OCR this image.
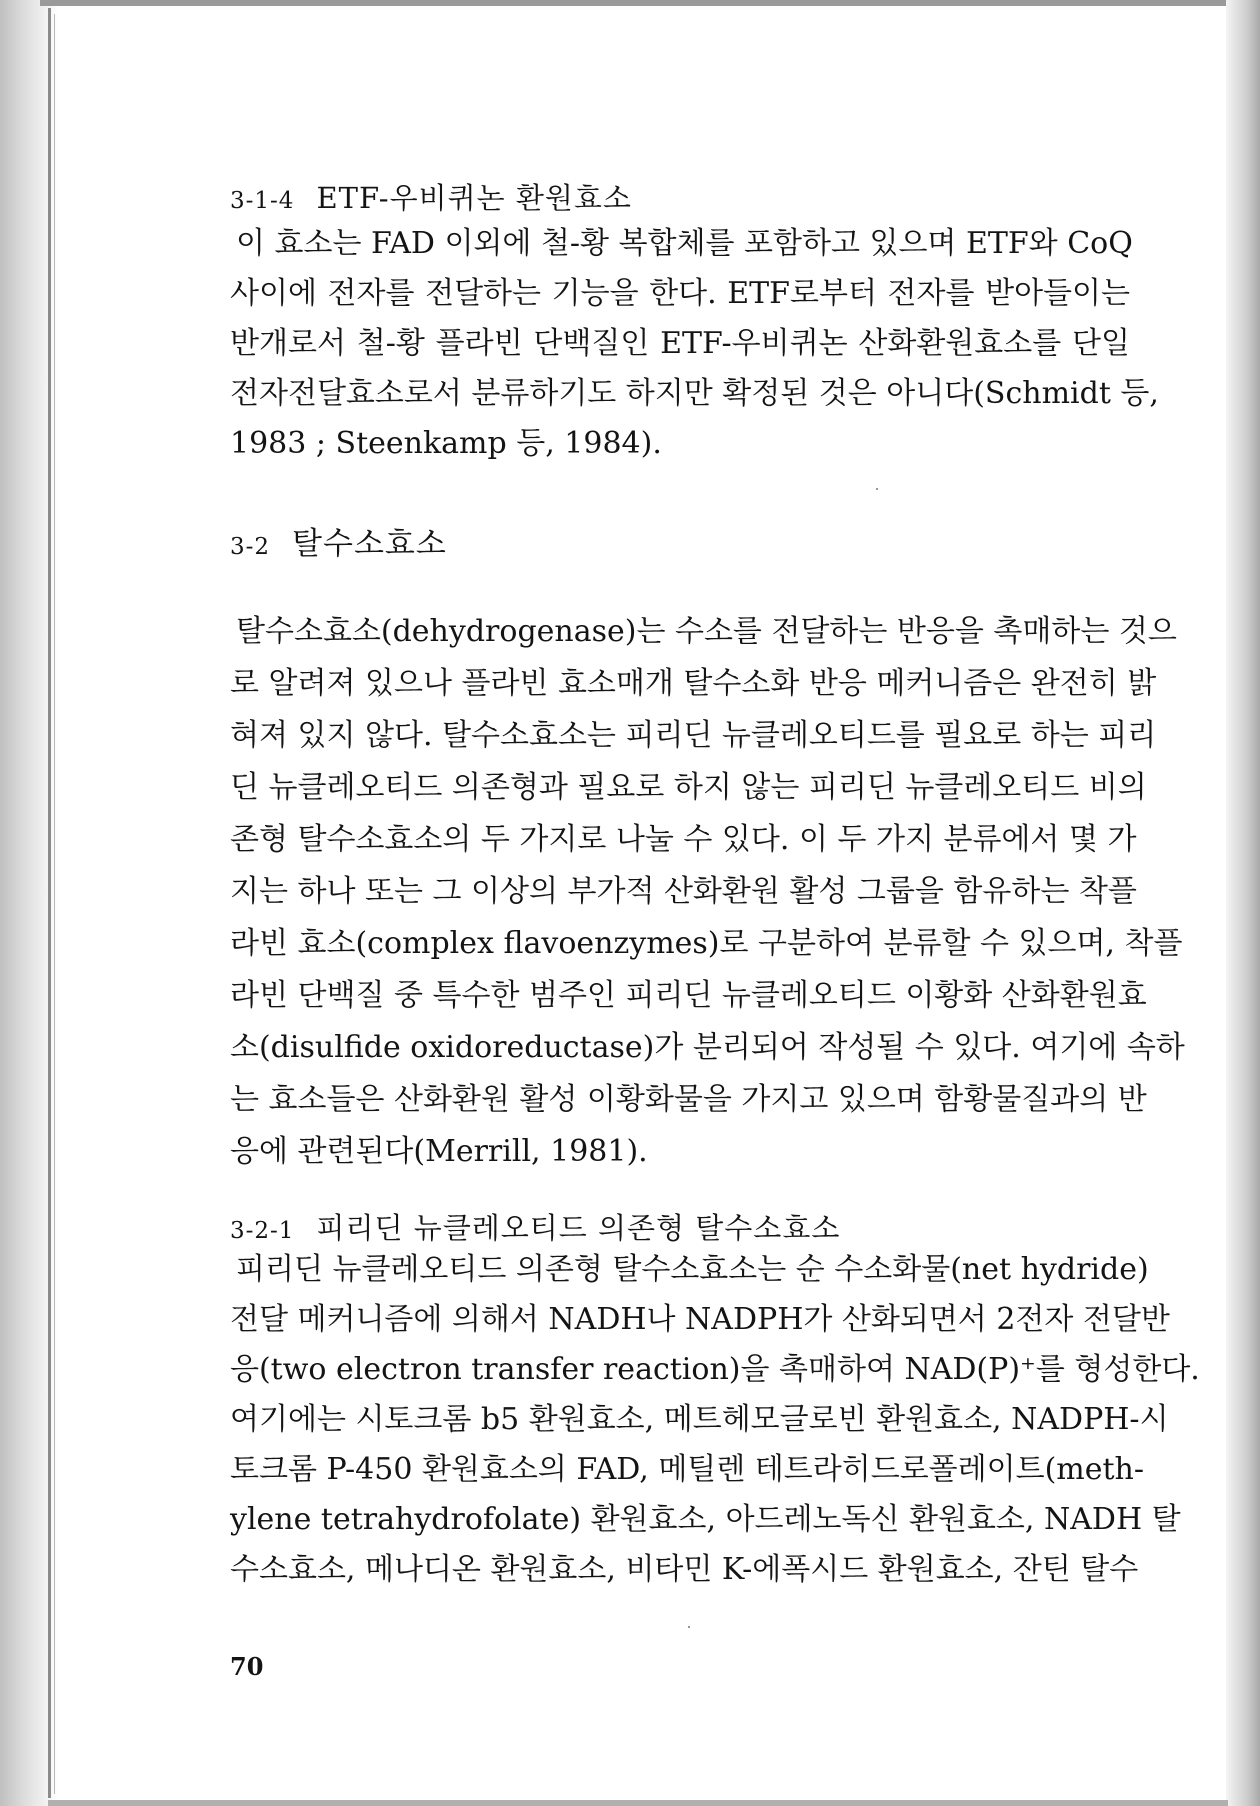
3-1-4 ETF-우비퀴논 환원효소
이 효소는 FAD 이외에 철-황 복합체를 포함하고 있으며 ETF와 CoQ
사이에 전자를 전달하는 기능을 한다. ETF로부터 전자를 받아들이는
반개로서 철-황 플라빈 단백질인 ETF-우비퀴논 산화환원효소를 단일
전자전달효소로서 분류하기도 하지만 확정된 것은 아니다(Schmidt 등,
1983 ; Steenkamp 등, 1984).
3-2 탈수소효소
탈수소효소(dehydrogenase)는 수소를 전달하는 반응을 촉매하는 것으
로 알려져 있으나 플라빈 효소매개 탈수소화 반응 메커니즘은 완전히 밝
혀져 있지 않다. 탈수소효소는 피리딘 뉴클레오티드를 필요로 하는 피리
딘 뉴클레오티드 의존형과 필요로 하지 않는 피리딘 뉴클레오티드 비의
존형 탈수소효소의 두 가지로 나눌 수 있다. 이 두 가지 분류에서 몇 가
지는 하나 또는 그 이상의 부가적 산화환원 활성 그룹을 함유하는 착플
라빈 효소(complex flavoenzymes)로 구분하여 분류할 수 있으며, 착플
라빈 단백질 중 특수한 범주인 피리딘 뉴클레오티드 이황화 산화환원효
소(disulfide oxidoreductase)가 분리되어 작성될 수 있다. 여기에 속하
는 효소들은 산화환원 활성 이황화물을 가지고 있으며 함황물질과의 반
응에 관련된다(Merrill, 1981).
3-2-1 피리딘 뉴클레오티드 의존형 탈수소효소
피리딘 뉴클레오티드 의존형 탈수소효소는 순 수소화물(net hydride)
전달 메커니즘에 의해서 NADH나 NADPH가 산화되면서 2전자 전달반
응(two electron transfer reaction)을 촉매하여 NAD(P)⁺를 형성한다.
여기에는 시토크롬 b5 환원효소, 메트헤모글로빈 환원효소, NADPH-시
토크롬 P-450 환원효소의 FAD, 메틸렌 테트라히드로폴레이트(meth-
ylene tetrahydrofolate) 환원효소, 아드레노독신 환원효소, NADH 탈
수소효소, 메나디온 환원효소, 비타민 K-에폭시드 환원효소, 잔틴 탈수
70
